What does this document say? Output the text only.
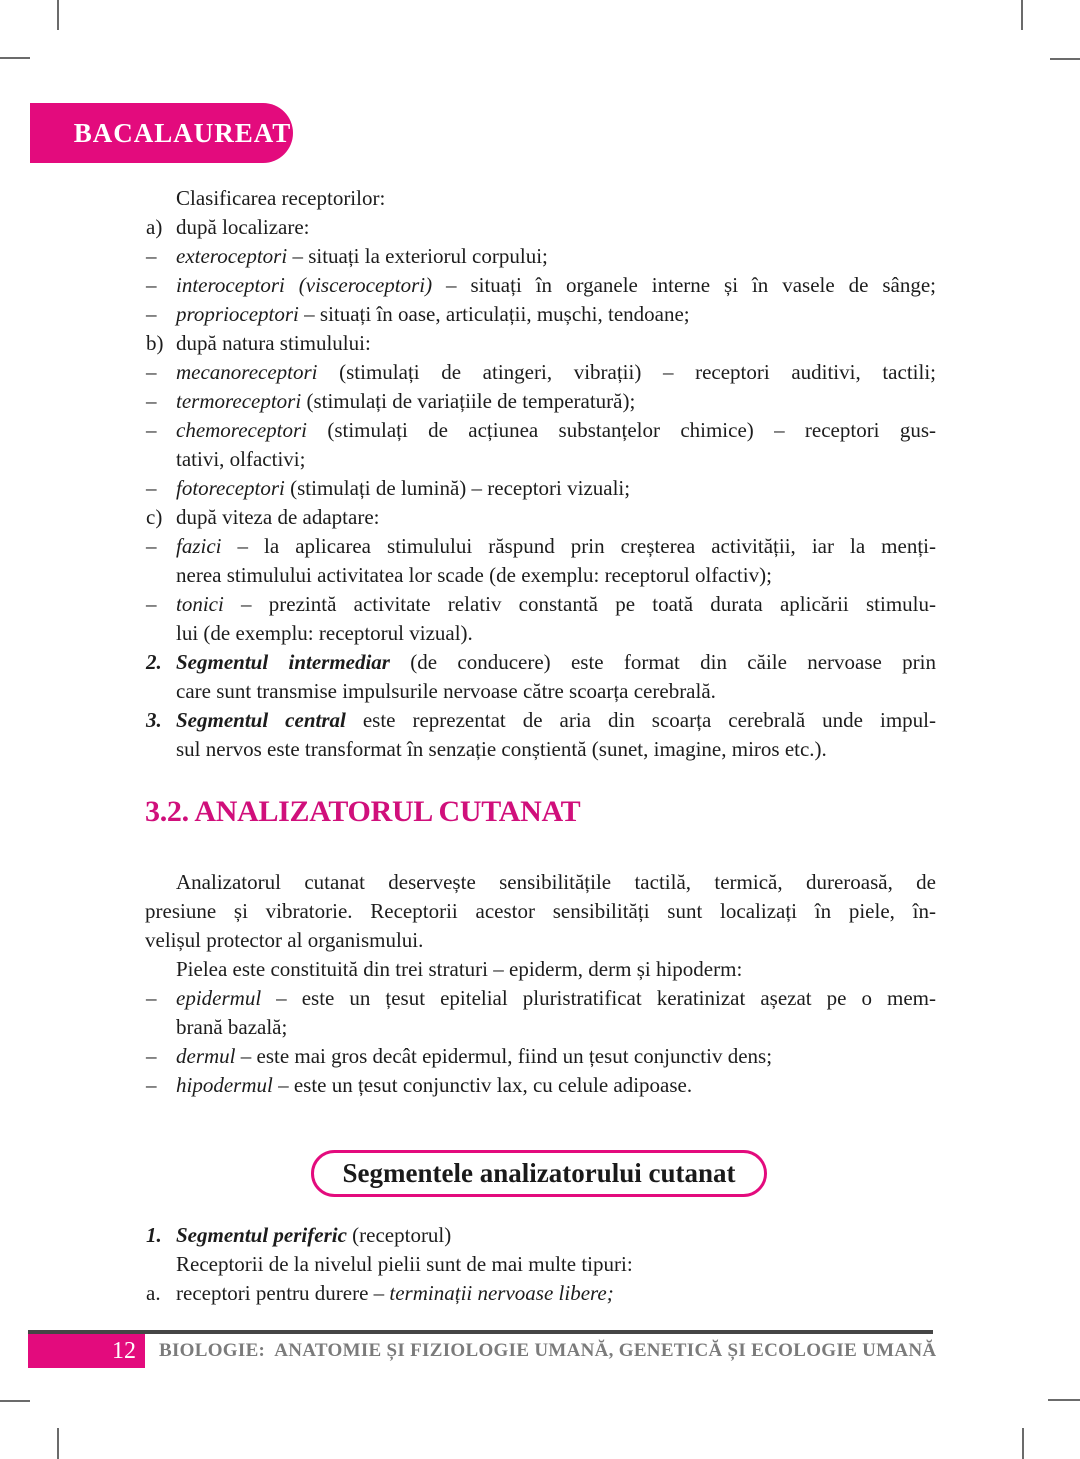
BACALAUREAT
Clasificarea receptorilor:
a) după localizare:
– exteroceptori – situați la exteriorul corpului;
– interoceptori (visceroceptori) – situați în organele interne și în vasele de sânge;
– proprioceptori – situați în oase, articulații, mușchi, tendoane;
b) după natura stimulului:
– mecanoreceptori (stimulați de atingeri, vibrații) – receptori auditivi, tactili;
– termoreceptori (stimulați de variațiile de temperatură);
– chemoreceptori (stimulați de acțiunea substanțelor chimice) – receptori gus-
tativi, olfactivi;
– fotoreceptori (stimulați de lumină) – receptori vizuali;
c) după viteza de adaptare:
– fazici – la aplicarea stimulului răspund prin creșterea activității, iar la menți-
nerea stimulului activitatea lor scade (de exemplu: receptorul olfactiv);
– tonici – prezintă activitate relativ constantă pe toată durata aplicării stimulu-
lui (de exemplu: receptorul vizual).
2. Segmentul intermediar (de conducere) este format din căile nervoase prin
care sunt transmise impulsurile nervoase către scoarța cerebrală.
3. Segmentul central este reprezentat de aria din scoarța cerebrală unde impul-
sul nervos este transformat în senzație conștientă (sunet, imagine, miros etc.).
3.2. ANALIZATORUL CUTANAT
Analizatorul cutanat deservește sensibilitățile tactilă, termică, dureroasă, de
presiune și vibratorie. Receptorii acestor sensibilități sunt localizați în piele, în-
velișul protector al organismului.
Pielea este constituită din trei straturi – epiderm, derm și hipoderm:
– epidermul – este un țesut epitelial pluristratificat keratinizat așezat pe o mem-
brană bazală;
– dermul – este mai gros decât epidermul, fiind un țesut conjunctiv dens;
– hipodermul – este un țesut conjunctiv lax, cu celule adipoase.
Segmentele analizatorului cutanat
1. Segmentul periferic (receptorul)
Receptorii de la nivelul pielii sunt de mai multe tipuri:
a. receptori pentru durere – terminații nervoase libere;
12	BIOLOGIE:  ANATOMIE ȘI FIZIOLOGIE UMANĂ, GENETICĂ ȘI ECOLOGIE UMANĂ
